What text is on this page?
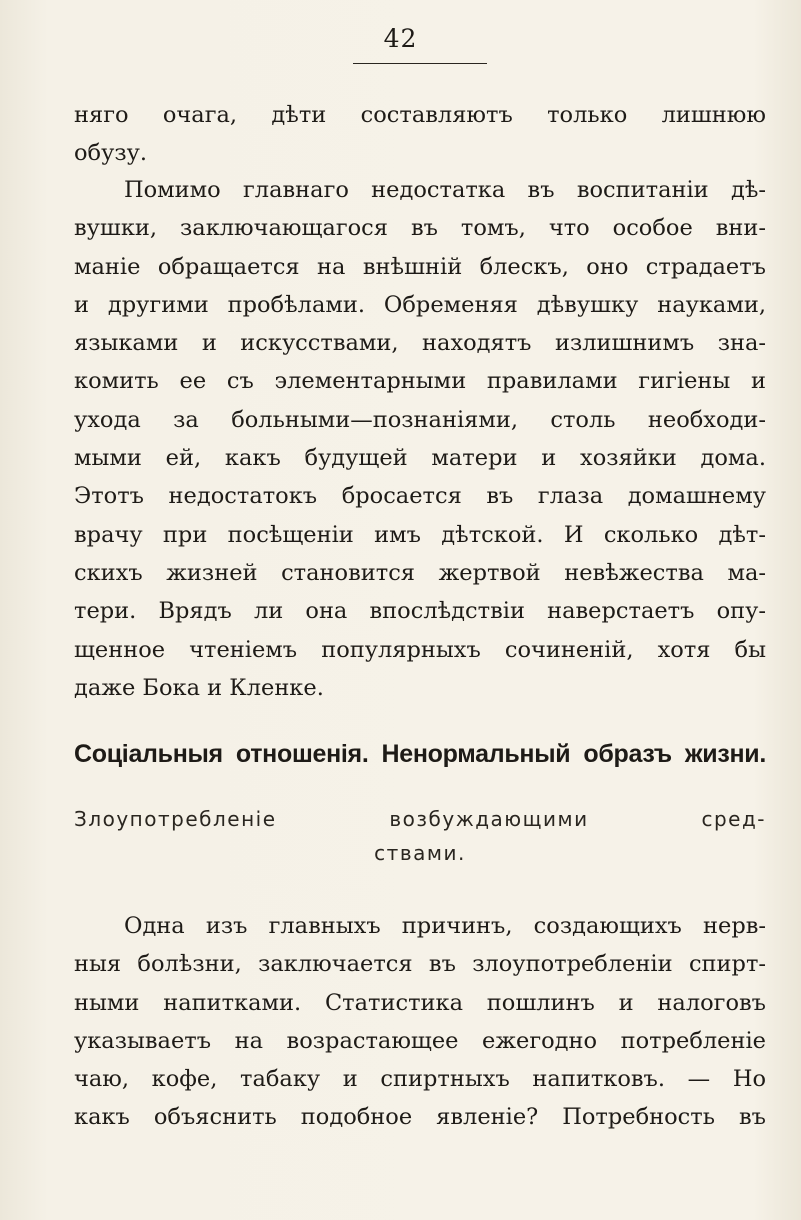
42
няго очага, дѣти составляютъ только лишнюю
обузу.
Помимо главнаго недостатка въ воспитанiи дѣ-
вушки, заключающагося въ томъ, что особое вни-
манiе обращается на внѣшнiй блескъ, оно страдаетъ
и другими пробѣлами. Обременяя дѣвушку науками,
языками и искусствами, находятъ излишнимъ зна-
комить ее съ элементарными правилами гигiены и
ухода за больными—познанiями, столь необходи-
мыми ей, какъ будущей матери и хозяйки дома.
Этотъ недостатокъ бросается въ глаза домашнему
врачу при посѣщенiи имъ дѣтской. И сколько дѣт-
скихъ жизней становится жертвой невѣжества ма-
тери. Врядъ ли она впослѣдствiи наверстаетъ опу-
щенное чтенiемъ популярныхъ сочиненiй, хотя бы
даже Бока и Кленке.
Соцiальныя отношенiя. Ненормальный образъ жизни.
Злоупотребленiе возбуждающими сред-
ствами.
Одна изъ главныхъ причинъ, создающихъ нерв-
ныя болѣзни, заключается въ злоупотребленiи спирт-
ными напитками. Статистика пошлинъ и налоговъ
указываетъ на возрастающее ежегодно потребленiе
чаю, кофе, табаку и спиртныхъ напитковъ. — Но
какъ объяснить подобное явленiе? Потребность въ
